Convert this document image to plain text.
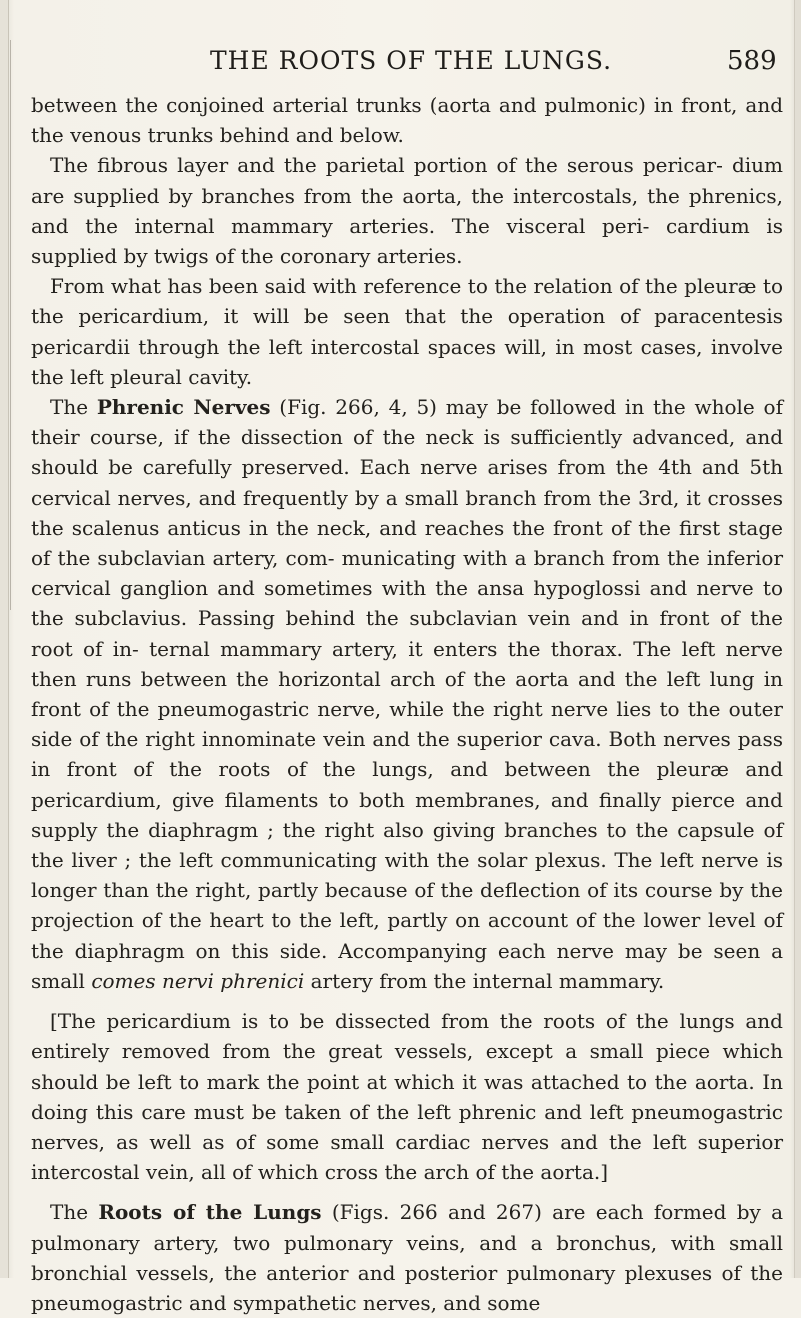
THE ROOTS OF THE LUNGS.	589

between the conjoined arterial trunks (aorta and pulmonic) in front, and the venous trunks behind and below.

The fibrous layer and the parietal portion of the serous pericar- dium are supplied by branches from the aorta, the intercostals, the phrenics, and the internal mammary arteries. The visceral peri- cardium is supplied by twigs of the coronary arteries.

From what has been said with reference to the relation of the pleuræ to the pericardium, it will be seen that the operation of paracentesis pericardii through the left intercostal spaces will, in most cases, involve the left pleural cavity.

The Phrenic Nerves (Fig. 266, 4, 5) may be followed in the whole of their course, if the dissection of the neck is sufficiently advanced, and should be carefully preserved. Each nerve arises from the 4th and 5th cervical nerves, and frequently by a small branch from the 3rd, it crosses the scalenus anticus in the neck, and reaches the front of the first stage of the subclavian artery, com- municating with a branch from the inferior cervical ganglion and sometimes with the ansa hypoglossi and nerve to the subclavius. Passing behind the subclavian vein and in front of the root of in- ternal mammary artery, it enters the thorax. The left nerve then runs between the horizontal arch of the aorta and the left lung in front of the pneumogastric nerve, while the right nerve lies to the outer side of the right innominate vein and the superior cava. Both nerves pass in front of the roots of the lungs, and between the pleuræ and pericardium, give filaments to both membranes, and finally pierce and supply the diaphragm ; the right also giving branches to the capsule of the liver ; the left communicating with the solar plexus. The left nerve is longer than the right, partly because of the deflection of its course by the projection of the heart to the left, partly on account of the lower level of the diaphragm on this side. Accompanying each nerve may be seen a small comes nervi phrenici artery from the internal mammary.

[The pericardium is to be dissected from the roots of the lungs and entirely removed from the great vessels, except a small piece which should be left to mark the point at which it was attached to the aorta. In doing this care must be taken of the left phrenic and left pneumogastric nerves, as well as of some small cardiac nerves and the left superior intercostal vein, all of which cross the arch of the aorta.]

The Roots of the Lungs (Figs. 266 and 267) are each formed by a pulmonary artery, two pulmonary veins, and a bronchus, with small bronchial vessels, the anterior and posterior pulmonary plexuses of the pneumogastric and sympathetic nerves, and some
